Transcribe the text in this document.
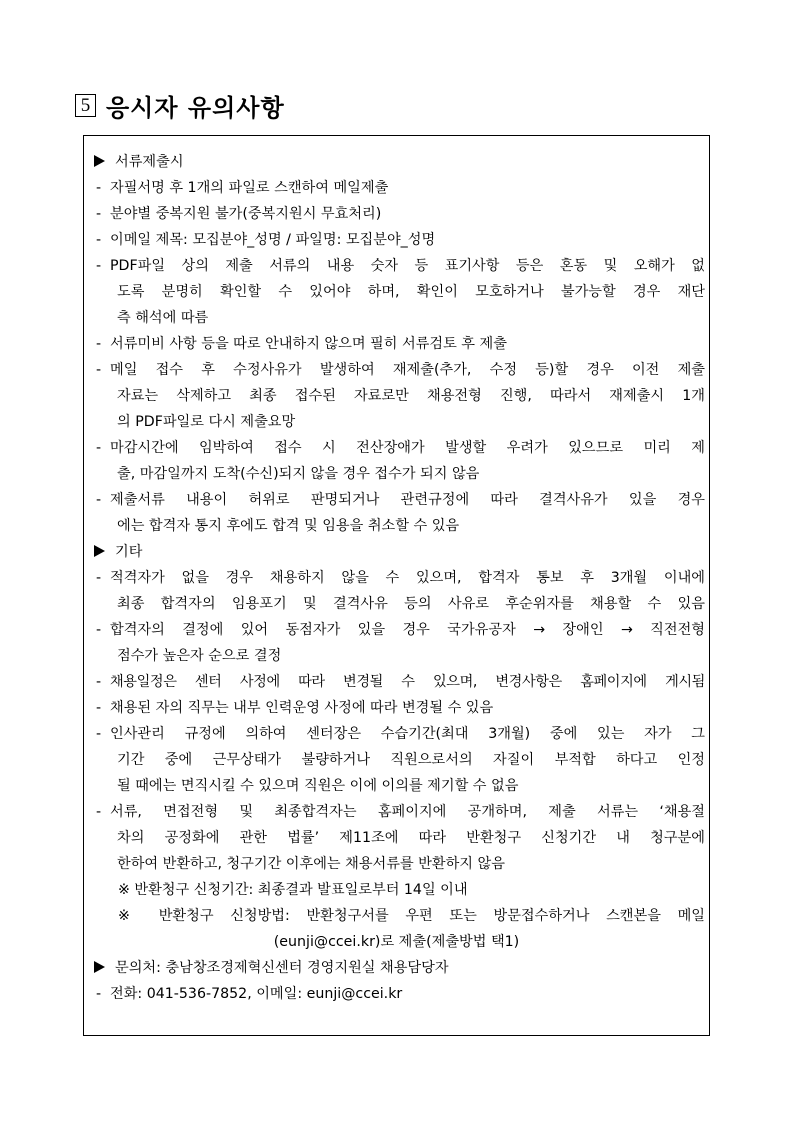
5 응시자 유의사항
서류제출시
- 자필서명 후 1개의 파일로 스캔하여 메일제출
- 분야별 중복지원 불가(중복지원시 무효처리)
- 이메일 제목: 모집분야_성명 / 파일명: 모집분야_성명
- PDF파일 상의 제출 서류의 내용 숫자 등 표기사항 등은 혼동 및 오해가 없
도록 분명히 확인할 수 있어야 하며, 확인이 모호하거나 불가능할 경우 재단
측 해석에 따름
- 서류미비 사항 등을 따로 안내하지 않으며 필히 서류검토 후 제출
- 메일 접수 후 수정사유가 발생하여 재제출(추가, 수정 등)할 경우 이전 제출
자료는 삭제하고 최종 접수된 자료로만 채용전형 진행, 따라서 재제출시 1개
의 PDF파일로 다시 제출요망
- 마감시간에 임박하여 접수 시 전산장애가 발생할 우려가 있으므로 미리 제
출, 마감일까지 도착(수신)되지 않을 경우 접수가 되지 않음
- 제출서류 내용이 허위로 판명되거나 관련규정에 따라 결격사유가 있을 경우
에는 합격자 통지 후에도 합격 및 임용을 취소할 수 있음
기타
- 적격자가 없을 경우 채용하지 않을 수 있으며, 합격자 통보 후 3개월 이내에
최종 합격자의 임용포기 및 결격사유 등의 사유로 후순위자를 채용할 수 있음
- 합격자의 결정에 있어 동점자가 있을 경우 국가유공자 → 장애인 → 직전전형
점수가 높은자 순으로 결정
- 채용일정은 센터 사정에 따라 변경될 수 있으며, 변경사항은 홈페이지에 게시됨
- 채용된 자의 직무는 내부 인력운영 사정에 따라 변경될 수 있음
- 인사관리 규정에 의하여 센터장은 수습기간(최대 3개월) 중에 있는 자가 그
기간 중에 근무상태가 불량하거나 직원으로서의 자질이 부적합 하다고 인정
될 때에는 면직시킬 수 있으며 직원은 이에 이의를 제기할 수 없음
- 서류, 면접전형 및 최종합격자는 홈페이지에 공개하며, 제출 서류는 ‘채용절
차의 공정화에 관한 법률’ 제11조에 따라 반환청구 신청기간 내 청구분에
한하여 반환하고, 청구기간 이후에는 채용서류를 반환하지 않음
※ 반환청구 신청기간: 최종결과 발표일로부터 14일 이내
※ 반환청구 신청방법: 반환청구서를 우편 또는 방문접수하거나 스캔본을 메일
(eunji@ccei.kr)로 제출(제출방법 택1)
문의처: 충남창조경제혁신센터 경영지원실 채용담당자
- 전화: 041-536-7852, 이메일: eunji@ccei.kr
